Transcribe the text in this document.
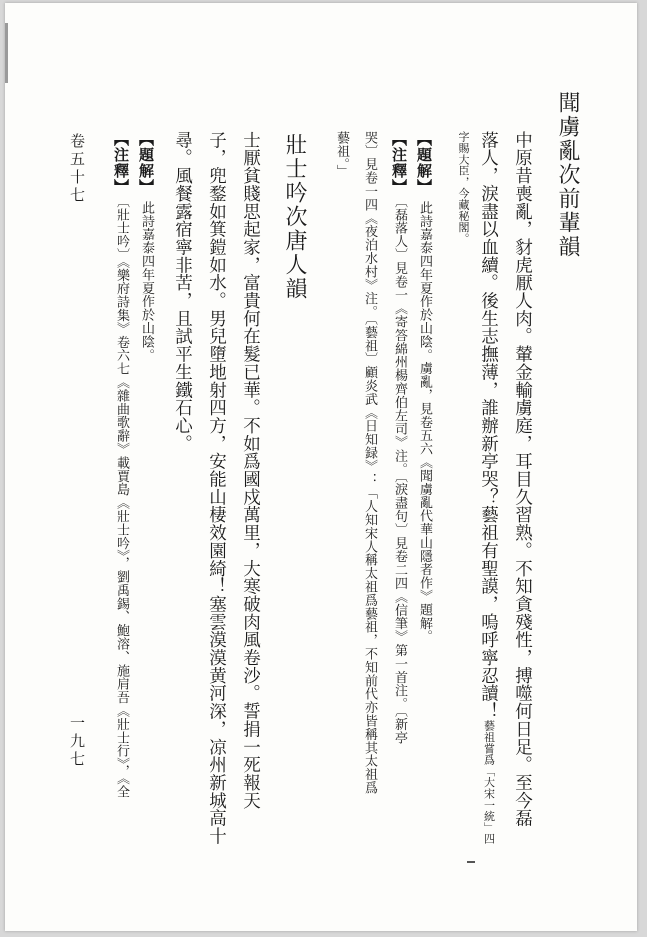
聞虜亂次前輩韻
中原昔喪亂，豺虎厭人肉。輦金輸虜庭，耳目久習熟。不知貪殘性，搏噬何日足。至今磊
落人，淚盡以血續。後生志撫薄，誰辦新亭哭？藝祖有聖謨，嗚呼寧忍讀！藝祖嘗爲「大宋一統」四
字賜大臣，今藏秘閣。
【題解】此詩嘉泰四年夏作於山陰。虜亂，見卷五六《聞虜亂代華山隱者作》題解。
【注釋】〔磊落人〕見卷一《寄答綿州楊齊伯左司》注。〔淚盡句〕見卷二四《信筆》第一首注。〔新亭
哭〕見卷一四《夜泊水村》注。〔藝祖〕顧炎武《日知録》：「人知宋人稱太祖爲藝祖，不知前代亦皆稱其太祖爲
藝祖。」
壯士吟次唐人韻
士厭貧賤思起家，富貴何在髮已華。不如爲國戍萬里，大寒破肉風卷沙。誓捐一死報天
子，兜鍪如箕鎧如水。男兒墮地射四方，安能山棲效園綺！塞雲漠漠黄河深，凉州新城高十
尋。風餐露宿寧非苦，且試平生鐵石心。
【題解】此詩嘉泰四年夏作於山陰。
【注釋】〔壯士吟〕《樂府詩集》卷六七《雜曲歌辭》載賈島《壯士吟》，劉禹錫、鮑溶、施肩吾《壯士行》，《全
卷五十七
一九七
